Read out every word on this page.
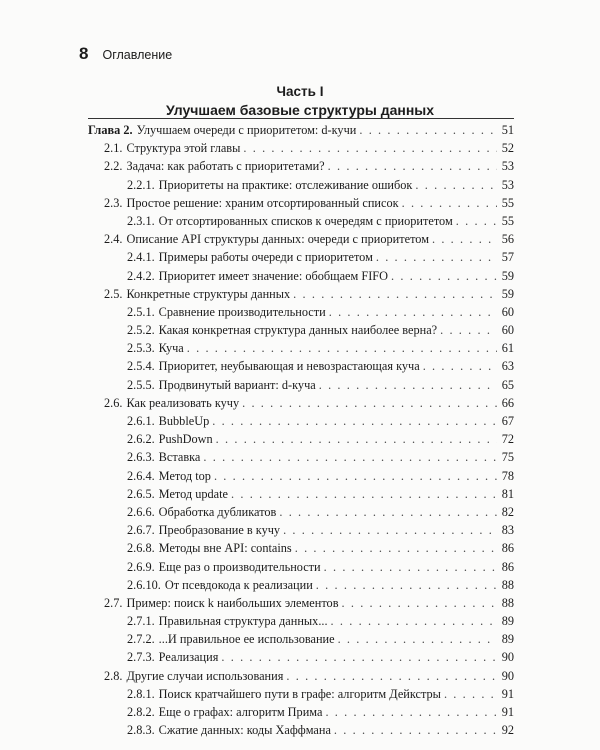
8 Оглавление
Часть I
Улучшаем базовые структуры данных
Глава 2. Улучшаем очереди с приоритетом: d-кучи . . .	51
2.1. Структура этой главы . . .	52
2.2. Задача: как работать с приоритетами? . . .	53
2.2.1. Приоритеты на практике: отслеживание ошибок . . .	53
2.3. Простое решение: храним отсортированный список . . .	55
2.3.1. От отсортированных списков к очередям с приоритетом . . .	55
2.4. Описание API структуры данных: очереди с приоритетом . . .	56
2.4.1. Примеры работы очереди с приоритетом . . .	57
2.4.2. Приоритет имеет значение: обобщаем FIFO . . .	59
2.5. Конкретные структуры данных . . .	59
2.5.1. Сравнение производительности . . .	60
2.5.2. Какая конкретная структура данных наиболее верна? . . .	60
2.5.3. Куча . . .	61
2.5.4. Приоритет, неубывающая и невозрастающая куча . . .	63
2.5.5. Продвинутый вариант: d-куча . . .	65
2.6. Как реализовать кучу . . .	66
2.6.1. BubbleUp . . .	67
2.6.2. PushDown . . .	72
2.6.3. Вставка . . .	75
2.6.4. Метод top . . .	78
2.6.5. Метод update . . .	81
2.6.6. Обработка дубликатов . . .	82
2.6.7. Преобразование в кучу . . .	83
2.6.8. Методы вне API: contains . . .	86
2.6.9. Еще раз о производительности . . .	86
2.6.10. От псевдокода к реализации . . .	88
2.7. Пример: поиск k наибольших элементов . . .	88
2.7.1. Правильная структура данных... . . .	89
2.7.2. ...И правильное ее использование . . .	89
2.7.3. Реализация . . .	90
2.8. Другие случаи использования . . .	90
2.8.1. Поиск кратчайшего пути в графе: алгоритм Дейкстры . . .	91
2.8.2. Еще о графах: алгоритм Прима . . .	91
2.8.3. Сжатие данных: коды Хаффмана . . .	92
